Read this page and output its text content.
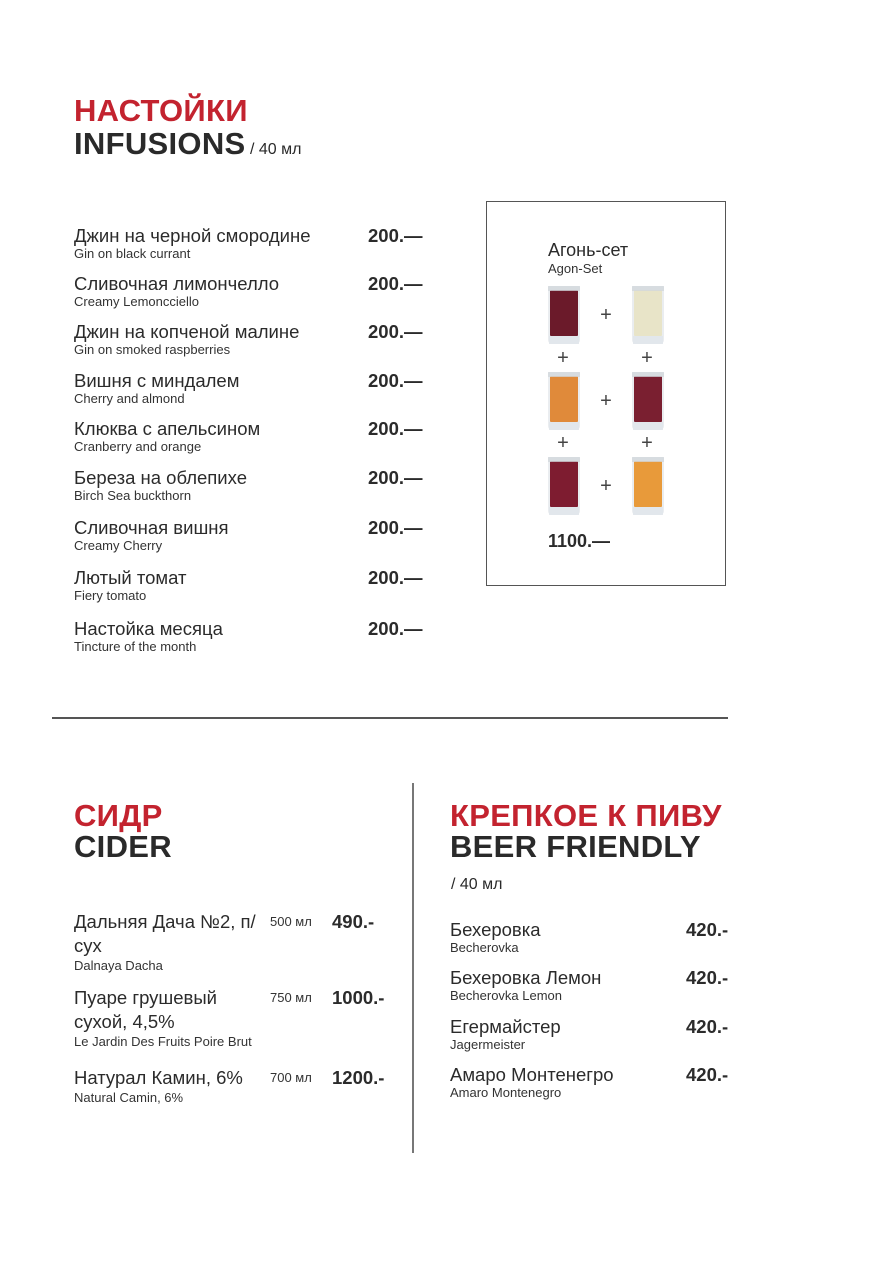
НАСТОЙКИ
INFUSIONS / 40 мл
Джин на черной смородине
Gin on black currant
200.—
Сливочная лимончелло
Creamy Lemoncciello
200.—
Джин на копченой малине
Gin on smoked raspberries
200.—
Вишня с миндалем
Cherry and almond
200.—
Клюква с апельсином
Cranberry and orange
200.—
Береза на облепихе
Birch Sea buckthorn
200.—
Сливочная вишня
Creamy Cherry
200.—
Лютый томат
Fiery tomato
200.—
Настойка месяца
Tincture of the month
200.—
Агонь-сет
Agon-Set
+
+	+
+
+	+
+
1100.—
СИДР
CIDER
Дальняя Дача №2, п/сух
Dalnaya Dacha
500 мл 490.-
Пуаре грушевый сухой, 4,5%
Le Jardin Des Fruits Poire Brut
750 мл 1000.-
Натурал Камин, 6%
Natural Camin, 6%
700 мл 1200.-
КРЕПКОЕ К ПИВУ
BEER FRIENDLY
/ 40 мл
Бехеровка
Becherovka
420.-
Бехеровка Лемон
Becherovka Lemon
420.-
Егермайстер
Jagermeister
420.-
Амаро Монтенегро
Amaro Montenegro
420.-
